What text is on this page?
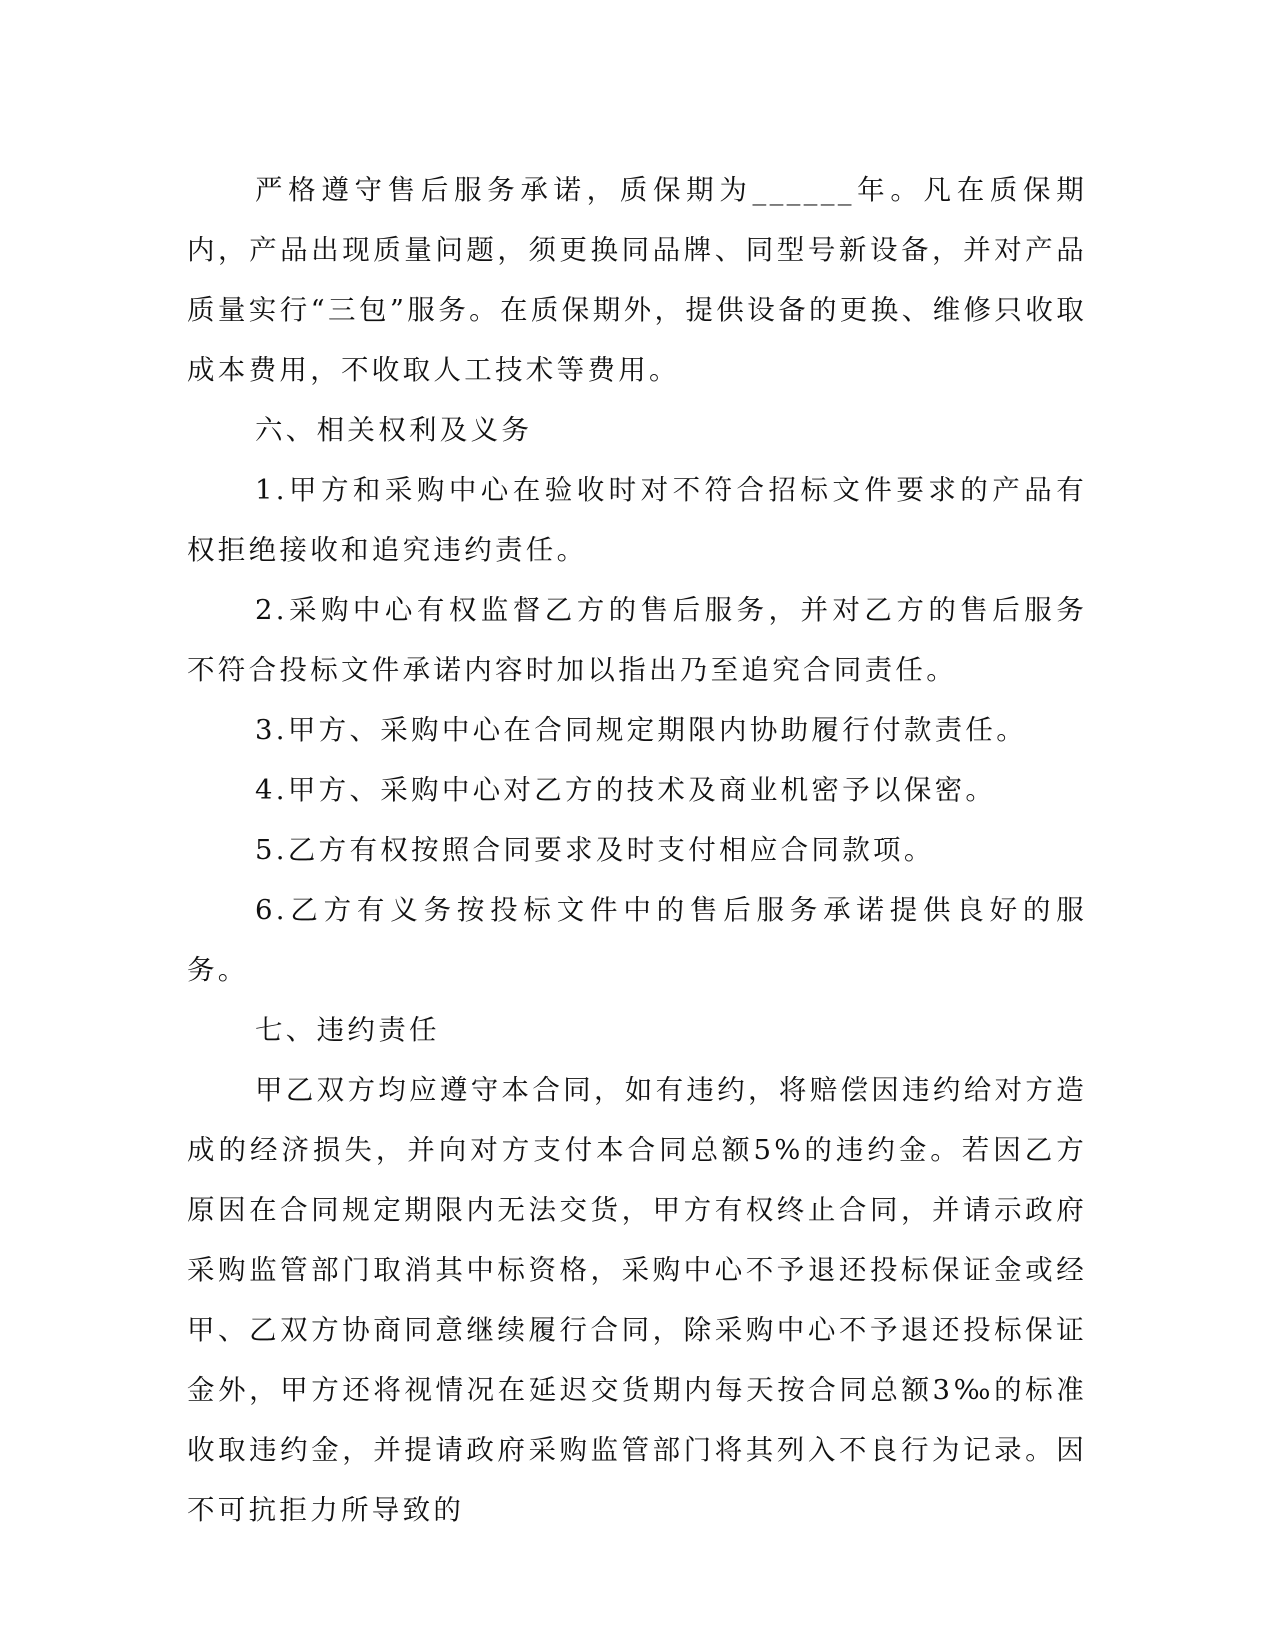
严格遵守售后服务承诺，质保期为______年。凡在质保期内，产品出现质量问题，须更换同品牌、同型号新设备，并对产品质量实行“三包”服务。在质保期外，提供设备的更换、维修只收取成本费用，不收取人工技术等费用。

六、相关权利及义务

1.甲方和采购中心在验收时对不符合招标文件要求的产品有权拒绝接收和追究违约责任。

2.采购中心有权监督乙方的售后服务，并对乙方的售后服务不符合投标文件承诺内容时加以指出乃至追究合同责任。

3.甲方、采购中心在合同规定期限内协助履行付款责任。

4.甲方、采购中心对乙方的技术及商业机密予以保密。

5.乙方有权按照合同要求及时支付相应合同款项。

6.乙方有义务按投标文件中的售后服务承诺提供良好的服务。

七、违约责任

甲乙双方均应遵守本合同，如有违约，将赔偿因违约给对方造成的经济损失，并向对方支付本合同总额5%的违约金。若因乙方原因在合同规定期限内无法交货，甲方有权终止合同，并请示政府采购监管部门取消其中标资格，采购中心不予退还投标保证金或经甲、乙双方协商同意继续履行合同，除采购中心不予退还投标保证金外，甲方还将视情况在延迟交货期内每天按合同总额3‰的标准收取违约金，并提请政府采购监管部门将其列入不良行为记录。因不可抗拒力所导致的
